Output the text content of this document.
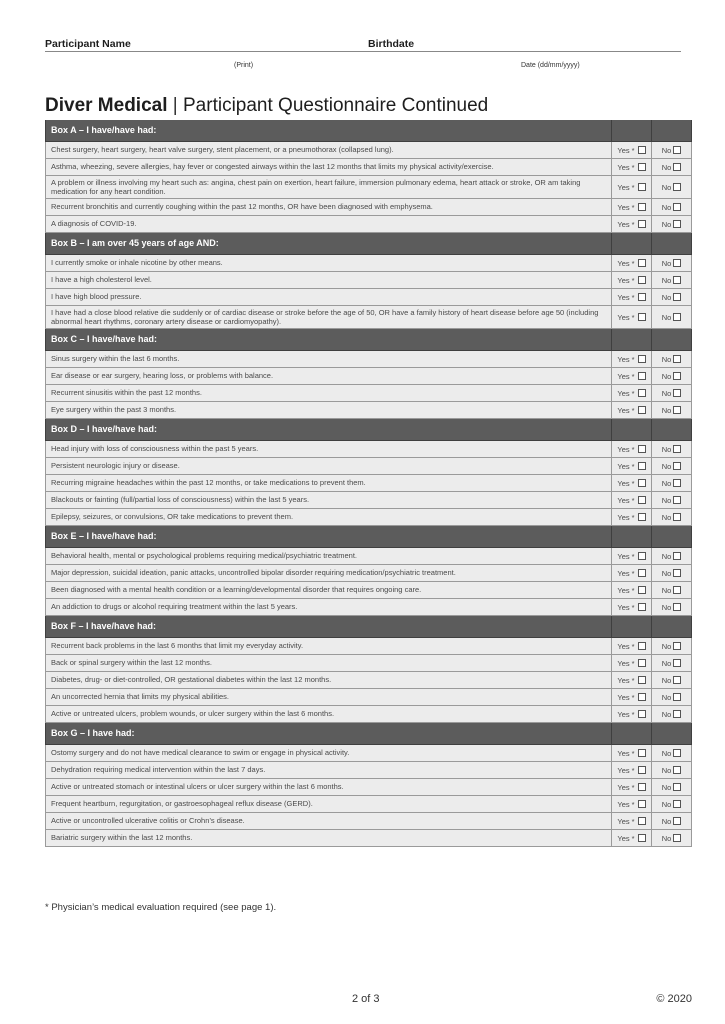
Participant Name	Birthdate
(Print)	Date (dd/mm/yyyy)
Diver Medical | Participant Questionnaire Continued
Box A – I have/have had:
Chest surgery, heart surgery, heart valve surgery, stent placement, or a pneumothorax (collapsed lung).	Yes *	No
Asthma, wheezing, severe allergies, hay fever or congested airways within the last 12 months that limits my physical activity/exercise.	Yes *	No
A problem or illness involving my heart such as: angina, chest pain on exertion, heart failure, immersion pulmonary edema, heart attack or stroke, OR am taking medication for any heart condition.	Yes *	No
Recurrent bronchitis and currently coughing within the past 12 months, OR have been diagnosed with emphysema.	Yes *	No
A diagnosis of COVID-19.	Yes *	No
Box B – I am over 45 years of age AND:
I currently smoke or inhale nicotine by other means.	Yes *	No
I have a high cholesterol level.	Yes *	No
I have high blood pressure.	Yes *	No
I have had a close blood relative die suddenly or of cardiac disease or stroke before the age of 50, OR have a family history of heart disease before age 50 (including abnormal heart rhythms, coronary artery disease or cardiomyopathy).	Yes *	No
Box C – I have/have had:
Sinus surgery within the last 6 months.	Yes *	No
Ear disease or ear surgery, hearing loss, or problems with balance.	Yes *	No
Recurrent sinusitis within the past 12 months.	Yes *	No
Eye surgery within the past 3 months.	Yes *	No
Box D – I have/have had:
Head injury with loss of consciousness within the past 5 years.	Yes *	No
Persistent neurologic injury or disease.	Yes *	No
Recurring migraine headaches within the past 12 months, or take medications to prevent them.	Yes *	No
Blackouts or fainting (full/partial loss of consciousness) within the last 5 years.	Yes *	No
Epilepsy, seizures, or convulsions, OR take medications to prevent them.	Yes *	No
Box E – I have/have had:
Behavioral health, mental or psychological problems requiring medical/psychiatric treatment.	Yes *	No
Major depression, suicidal ideation, panic attacks, uncontrolled bipolar disorder requiring medication/psychiatric treatment.	Yes *	No
Been diagnosed with a mental health condition or a learning/developmental disorder that requires ongoing care.	Yes *	No
An addiction to drugs or alcohol requiring treatment within the last 5 years.	Yes *	No
Box F – I have/have had:
Recurrent back problems in the last 6 months that limit my everyday activity.	Yes *	No
Back or spinal surgery within the last 12 months.	Yes *	No
Diabetes, drug- or diet-controlled, OR gestational diabetes within the last 12 months.	Yes *	No
An uncorrected hernia that limits my physical abilities.	Yes *	No
Active or untreated ulcers, problem wounds, or ulcer surgery within the last 6 months.	Yes *	No
Box G – I have had:
Ostomy surgery and do not have medical clearance to swim or engage in physical activity.	Yes *	No
Dehydration requiring medical intervention within the last 7 days.	Yes *	No
Active or untreated stomach or intestinal ulcers or ulcer surgery within the last 6 months.	Yes *	No
Frequent heartburn, regurgitation, or gastroesophageal reflux disease (GERD).	Yes *	No
Active or uncontrolled ulcerative colitis or Crohn’s disease.	Yes *	No
Bariatric surgery within the last 12 months.	Yes *	No
* Physician’s medical evaluation required (see page 1).
2 of 3	© 2020
